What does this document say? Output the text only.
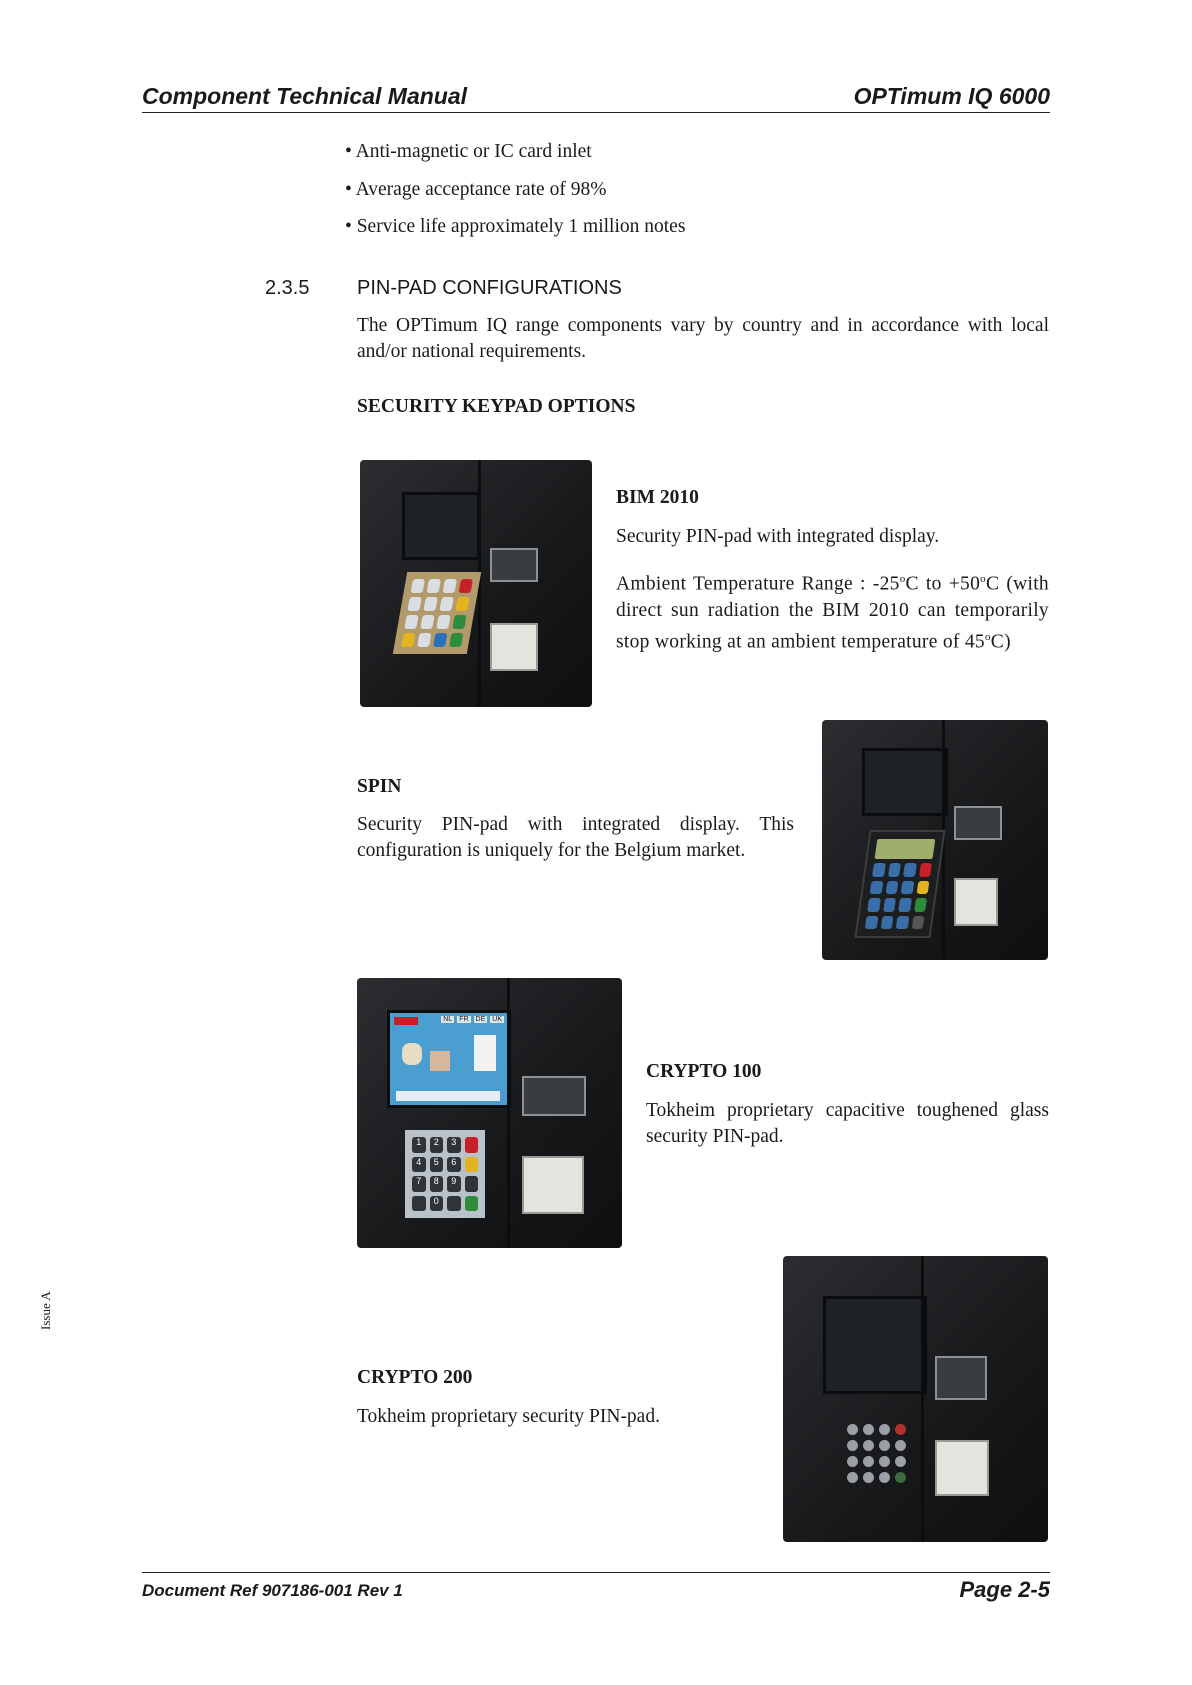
Component Technical Manual	OPTimum IQ 6000
• Anti-magnetic or IC card inlet
• Average acceptance rate of 98%
• Service life approximately 1 million notes
2.3.5 PIN-PAD CONFIGURATIONS
The OPTimum IQ range components vary by country and in accordance with local and/or national requirements.
SECURITY KEYPAD OPTIONS
BIM 2010
Security PIN-pad with integrated display.
Ambient Temperature Range : -25$^o$C to $+50^oC$ (with direct sun radiation the BIM 2010 can temporarily stop working at an ambient temperature of 45$^o$C)
SPIN
Security PIN-pad with integrated display. This configuration is uniquely for the Belgium market.
NL FR DE UK
1	2	3
4	5	6
7	8	9
0
CRYPTO 100
Tokheim proprietary capacitive toughened glass security PIN-pad.
CRYPTO 200
Tokheim proprietary security PIN-pad.
Issue A
Document Ref 907186-001 Rev 1	Page 2-5
